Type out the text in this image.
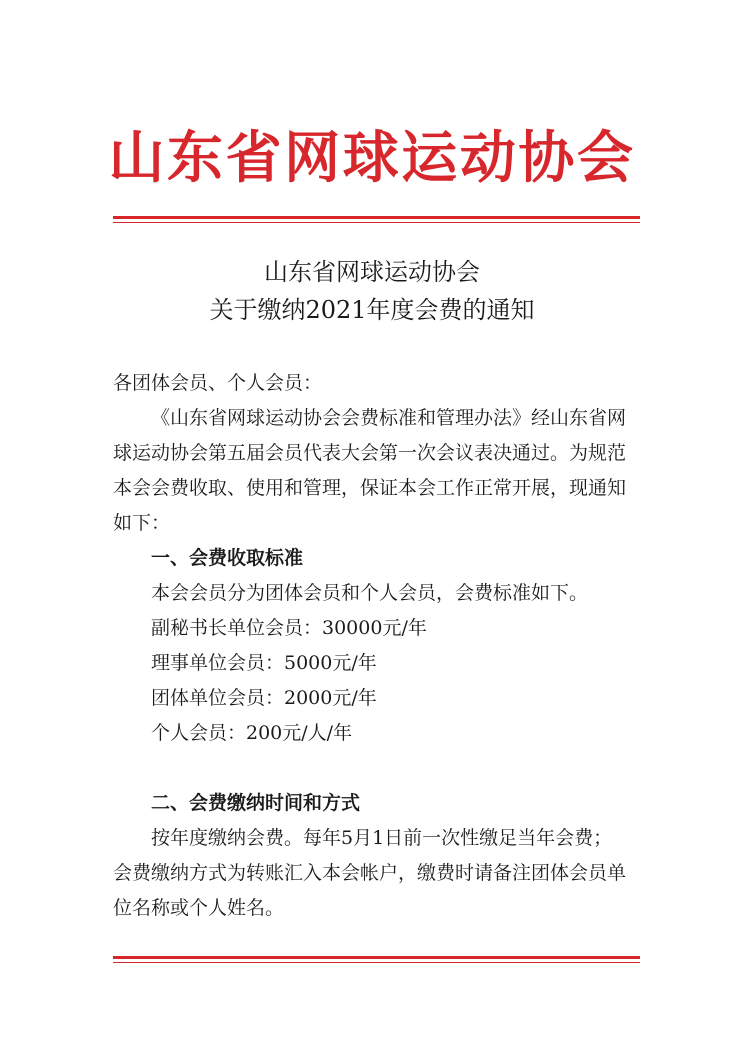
山东省网球运动协会
山东省网球运动协会
关于缴纳2021年度会费的通知
各团体会员、个人会员：
《山东省网球运动协会会费标准和管理办法》经山东省网
球运动协会第五届会员代表大会第一次会议表决通过。为规范
本会会费收取、使用和管理，保证本会工作正常开展，现通知
如下：
一、会费收取标准
本会会员分为团体会员和个人会员，会费标准如下。
副秘书长单位会员：30000元/年
理事单位会员：5000元/年
团体单位会员：2000元/年
个人会员：200元/人/年
二、会费缴纳时间和方式
按年度缴纳会费。每年5月1日前一次性缴足当年会费；
会费缴纳方式为转账汇入本会帐户，缴费时请备注团体会员单
位名称或个人姓名。
